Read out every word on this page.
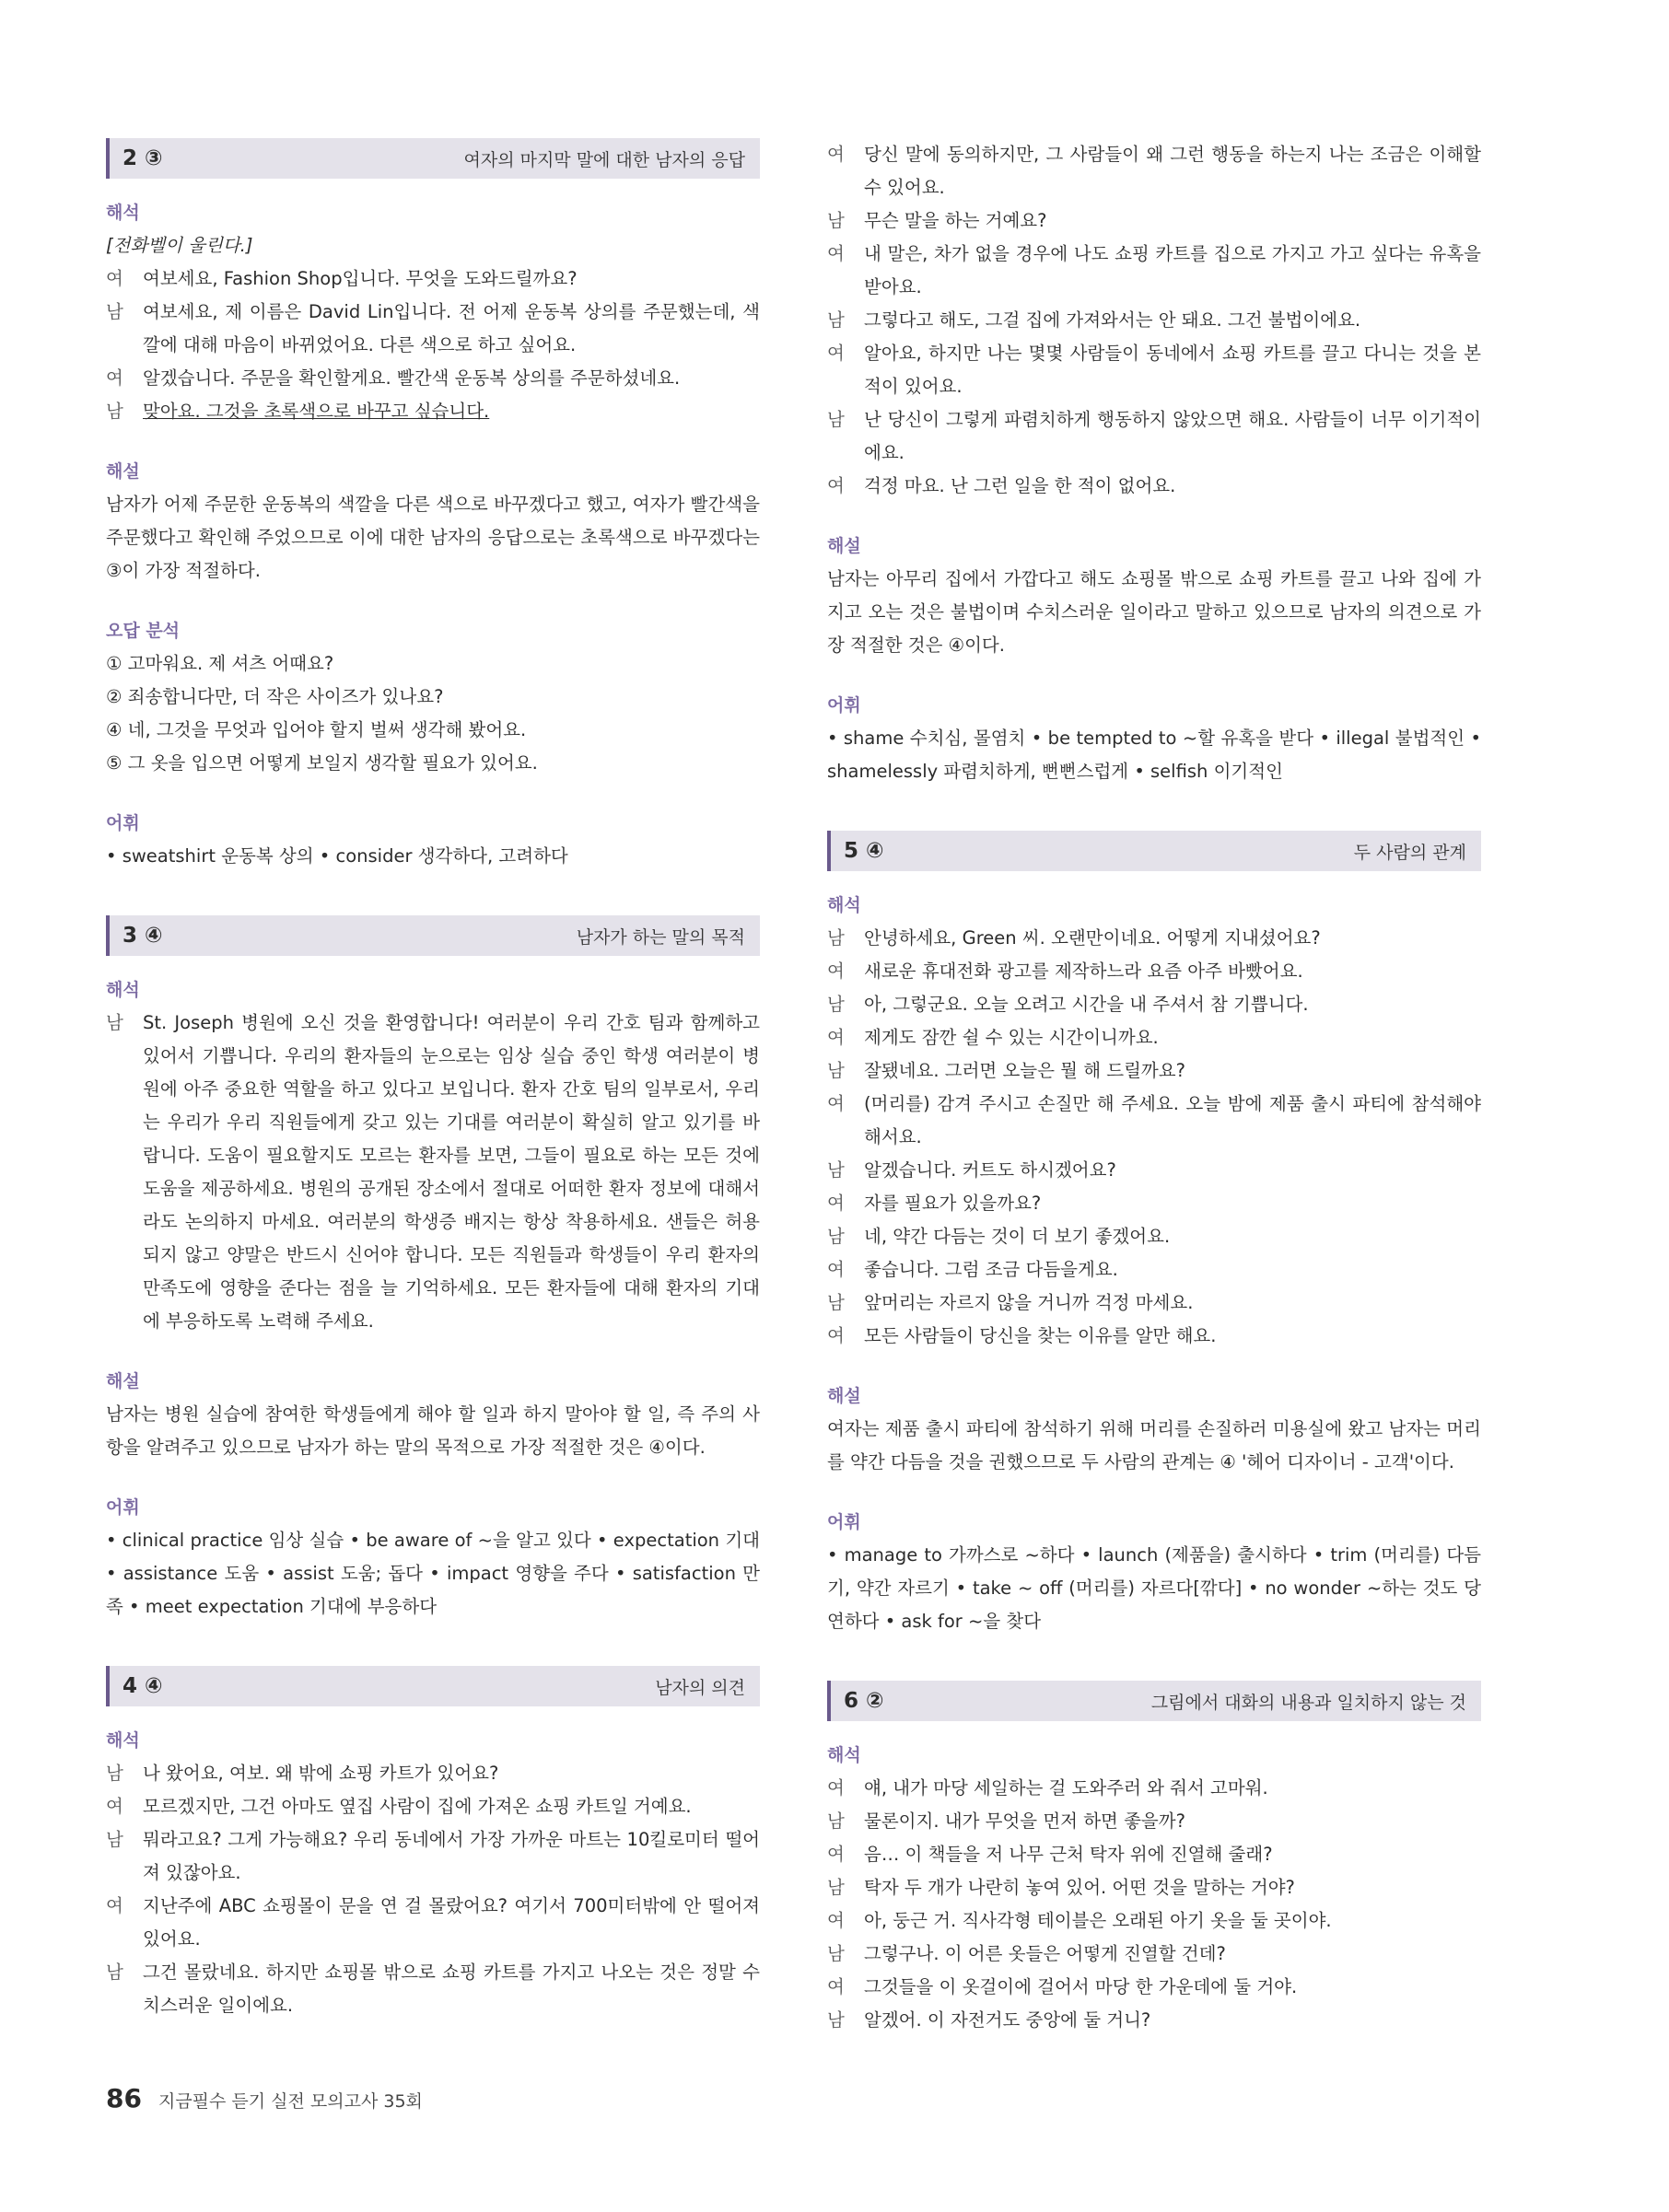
2 ③	여자의 마지막 말에 대한 남자의 응답
해석
[전화벨이 울린다.]
여	여보세요, Fashion Shop입니다. 무엇을 도와드릴까요?
남	여보세요, 제 이름은 David Lin입니다. 전 어제 운동복 상의를 주문했는데, 색깔에 대해 마음이 바뀌었어요. 다른 색으로 하고 싶어요.
여	알겠습니다. 주문을 확인할게요. 빨간색 운동복 상의를 주문하셨네요.
남	맞아요. 그것을 초록색으로 바꾸고 싶습니다.
해설
남자가 어제 주문한 운동복의 색깔을 다른 색으로 바꾸겠다고 했고, 여자가 빨간색을 주문했다고 확인해 주었으므로 이에 대한 남자의 응답으로는 초록색으로 바꾸겠다는 ③이 가장 적절하다.
오답 분석
① 고마워요. 제 셔츠 어때요?
② 죄송합니다만, 더 작은 사이즈가 있나요?
④ 네, 그것을 무엇과 입어야 할지 벌써 생각해 봤어요.
⑤ 그 옷을 입으면 어떻게 보일지 생각할 필요가 있어요.
어휘
• sweatshirt 운동복 상의 • consider 생각하다, 고려하다
3 ④	남자가 하는 말의 목적
해석
남	St. Joseph 병원에 오신 것을 환영합니다! 여러분이 우리 간호 팀과 함께하고 있어서 기쁩니다. 우리의 환자들의 눈으로는 임상 실습 중인 학생 여러분이 병원에 아주 중요한 역할을 하고 있다고 보입니다. 환자 간호 팀의 일부로서, 우리는 우리가 우리 직원들에게 갖고 있는 기대를 여러분이 확실히 알고 있기를 바랍니다. 도움이 필요할지도 모르는 환자를 보면, 그들이 필요로 하는 모든 것에 도움을 제공하세요. 병원의 공개된 장소에서 절대로 어떠한 환자 정보에 대해서라도 논의하지 마세요. 여러분의 학생증 배지는 항상 착용하세요. 샌들은 허용되지 않고 양말은 반드시 신어야 합니다. 모든 직원들과 학생들이 우리 환자의 만족도에 영향을 준다는 점을 늘 기억하세요. 모든 환자들에 대해 환자의 기대에 부응하도록 노력해 주세요.
해설
남자는 병원 실습에 참여한 학생들에게 해야 할 일과 하지 말아야 할 일, 즉 주의 사항을 알려주고 있으므로 남자가 하는 말의 목적으로 가장 적절한 것은 ④이다.
어휘
• clinical practice 임상 실습 • be aware of ~을 알고 있다 • expectation 기대 • assistance 도움 • assist 도움; 돕다 • impact 영향을 주다 • satisfaction 만족 • meet expectation 기대에 부응하다
4 ④	남자의 의견
해석
남	나 왔어요, 여보. 왜 밖에 쇼핑 카트가 있어요?
여	모르겠지만, 그건 아마도 옆집 사람이 집에 가져온 쇼핑 카트일 거예요.
남	뭐라고요? 그게 가능해요? 우리 동네에서 가장 가까운 마트는 10킬로미터 떨어져 있잖아요.
여	지난주에 ABC 쇼핑몰이 문을 연 걸 몰랐어요? 여기서 700미터밖에 안 떨어져 있어요.
남	그건 몰랐네요. 하지만 쇼핑몰 밖으로 쇼핑 카트를 가지고 나오는 것은 정말 수치스러운 일이에요.
여	당신 말에 동의하지만, 그 사람들이 왜 그런 행동을 하는지 나는 조금은 이해할 수 있어요.
남	무슨 말을 하는 거예요?
여	내 말은, 차가 없을 경우에 나도 쇼핑 카트를 집으로 가지고 가고 싶다는 유혹을 받아요.
남	그렇다고 해도, 그걸 집에 가져와서는 안 돼요. 그건 불법이에요.
여	알아요, 하지만 나는 몇몇 사람들이 동네에서 쇼핑 카트를 끌고 다니는 것을 본 적이 있어요.
남	난 당신이 그렇게 파렴치하게 행동하지 않았으면 해요. 사람들이 너무 이기적이에요.
여	걱정 마요. 난 그런 일을 한 적이 없어요.
해설
남자는 아무리 집에서 가깝다고 해도 쇼핑몰 밖으로 쇼핑 카트를 끌고 나와 집에 가지고 오는 것은 불법이며 수치스러운 일이라고 말하고 있으므로 남자의 의견으로 가장 적절한 것은 ④이다.
어휘
• shame 수치심, 몰염치 • be tempted to ~할 유혹을 받다 • illegal 불법적인 • shamelessly 파렴치하게, 뻔뻔스럽게 • selfish 이기적인
5 ④	두 사람의 관계
해석
남	안녕하세요, Green 씨. 오랜만이네요. 어떻게 지내셨어요?
여	새로운 휴대전화 광고를 제작하느라 요즘 아주 바빴어요.
남	아, 그렇군요. 오늘 오려고 시간을 내 주셔서 참 기쁩니다.
여	제게도 잠깐 쉴 수 있는 시간이니까요.
남	잘됐네요. 그러면 오늘은 뭘 해 드릴까요?
여	(머리를) 감겨 주시고 손질만 해 주세요. 오늘 밤에 제품 출시 파티에 참석해야 해서요.
남	알겠습니다. 커트도 하시겠어요?
여	자를 필요가 있을까요?
남	네, 약간 다듬는 것이 더 보기 좋겠어요.
여	좋습니다. 그럼 조금 다듬을게요.
남	앞머리는 자르지 않을 거니까 걱정 마세요.
여	모든 사람들이 당신을 찾는 이유를 알만 해요.
해설
여자는 제품 출시 파티에 참석하기 위해 머리를 손질하러 미용실에 왔고 남자는 머리를 약간 다듬을 것을 권했으므로 두 사람의 관계는 ④ '헤어 디자이너 - 고객'이다.
어휘
• manage to 가까스로 ~하다 • launch (제품을) 출시하다 • trim (머리를) 다듬기, 약간 자르기 • take ~ off (머리를) 자르다[깎다] • no wonder ~하는 것도 당연하다 • ask for ~을 찾다
6 ②	그림에서 대화의 내용과 일치하지 않는 것
해석
여	얘, 내가 마당 세일하는 걸 도와주러 와 줘서 고마워.
남	물론이지. 내가 무엇을 먼저 하면 좋을까?
여	음… 이 책들을 저 나무 근처 탁자 위에 진열해 줄래?
남	탁자 두 개가 나란히 놓여 있어. 어떤 것을 말하는 거야?
여	아, 둥근 거. 직사각형 테이블은 오래된 아기 옷을 둘 곳이야.
남	그렇구나. 이 어른 옷들은 어떻게 진열할 건데?
여	그것들을 이 옷걸이에 걸어서 마당 한 가운데에 둘 거야.
남	알겠어. 이 자전거도 중앙에 둘 거니?
86 지금필수 듣기 실전 모의고사 35회
